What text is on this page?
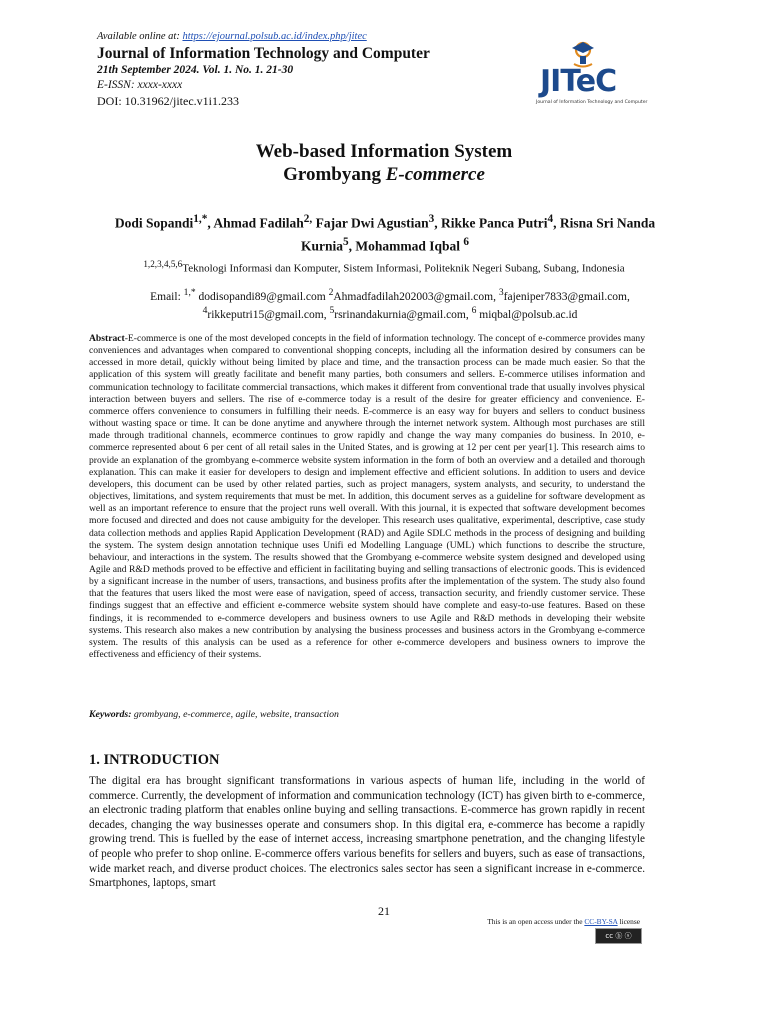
Available online at: https://ejournal.polsub.ac.id/index.php/jitec
Journal of Information Technology and Computer
21th September 2024. Vol. 1. No. 1. 21-30
E-ISSN: xxxx-xxxx
DOI: 10.31962/jitec.v1i1.233
JITeC
Journal of Information Technology and Computer
Web-based Information System
Grombyang E-commerce
Dodi Sopandi$^{1,*}$, Ahmad Fadilah$^{2,}$ Fajar Dwi Agustian$^3$, Rikke Panca Putri$^4$, Risna Sri Nanda Kurnia$^5$, Mohammad Iqbal $^6$
$^{1,2,3,4,5,6}$Teknologi Informasi dan Komputer, Sistem Informasi, Politeknik Negeri Subang, Subang, Indonesia
Email: $^{1,*}$ dodisopandi89@gmail.com $^2$Ahmadfadilah202003@gmail.com, $^3$fajeniper7833@gmail.com,
$^4$rikkeputri15@gmail.com, $^5$rsrinandakurnia@gmail.com, $^6$ miqbal@polsub.ac.id
Abstract-E-commerce is one of the most developed concepts in the field of information technology. The concept of e-commerce provides many conveniences and advantages when compared to conventional shopping concepts, including all the information desired by consumers can be accessed in more detail, quickly without being limited by place and time, and the transaction process can be made much easier. So that the application of this system will greatly facilitate and benefit many parties, both consumers and sellers. E-commerce utilises information and communication technology to facilitate commercial transactions, which makes it different from conventional trade that usually involves physical interaction between buyers and sellers. The rise of e-commerce today is a result of the desire for greater efficiency and convenience. E-commerce offers convenience to consumers in fulfilling their needs. E-commerce is an easy way for buyers and sellers to conduct business without wasting space or time. It can be done anytime and anywhere through the internet network system. Although most purchases are still made through traditional channels, ecommerce continues to grow rapidly and change the way many companies do business. In 2010, e-commerce represented about 6 per cent of all retail sales in the United States, and is growing at 12 per cent per year[1]. This research aims to provide an explanation of the grombyang e-commerce website system information in the form of both an overview and a detailed and thorough explanation. This can make it easier for developers to design and implement effective and efficient solutions. In addition to users and device developers, this document can be used by other related parties, such as project managers, system analysts, and security, to understand the objectives, limitations, and system requirements that must be met. In addition, this document serves as a guideline for software development as well as an important reference to ensure that the project runs well overall. With this journal, it is expected that software development becomes more focused and directed and does not cause ambiguity for the developer. This research uses qualitative, experimental, descriptive, case study data collection methods and applies Rapid Application Development (RAD) and Agile SDLC methods in the process of designing and building the system. The system design annotation technique uses Unifi ed Modelling Language (UML) which functions to describe the structure, behaviour, and interactions in the system. The results showed that the Grombyang e-commerce website system designed and developed using Agile and R&D methods proved to be effective and efficient in facilitating buying and selling transactions of electronic goods. This is evidenced by a significant increase in the number of users, transactions, and business profits after the implementation of the system. The study also found that the features that users liked the most were ease of navigation, speed of access, transaction security, and friendly customer service. These findings suggest that an effective and efficient e-commerce website system should have complete and easy-to-use features. Based on these findings, it is recommended to e-commerce developers and business owners to use Agile and R&D methods in developing their website systems. This research also makes a new contribution by analysing the business processes and business actors in the Grombyang e-commerce system. The results of this analysis can be used as a reference for other e-commerce developers and business owners to improve the effectiveness and efficiency of their systems.
Keywords: grombyang, e-commerce, agile, website, transaction
1. INTRODUCTION
The digital era has brought significant transformations in various aspects of human life, including in the world of commerce. Currently, the development of information and communication technology (ICT) has given birth to e-commerce, an electronic trading platform that enables online buying and selling transactions. E-commerce has grown rapidly in recent decades, changing the way businesses operate and consumers shop. In this digital era, e-commerce has become a rapidly growing trend. This is fuelled by the ease of internet access, increasing smartphone penetration, and the changing lifestyle of people who prefer to shop online. E-commerce offers various benefits for sellers and buyers, such as ease of transactions, wide market reach, and diverse product choices. The electronics sales sector has seen a significant increase in e-commerce. Smartphones, laptops, smart
21
This is an open access under the CC-BY-SA license
cc ⓑ ⓢ
